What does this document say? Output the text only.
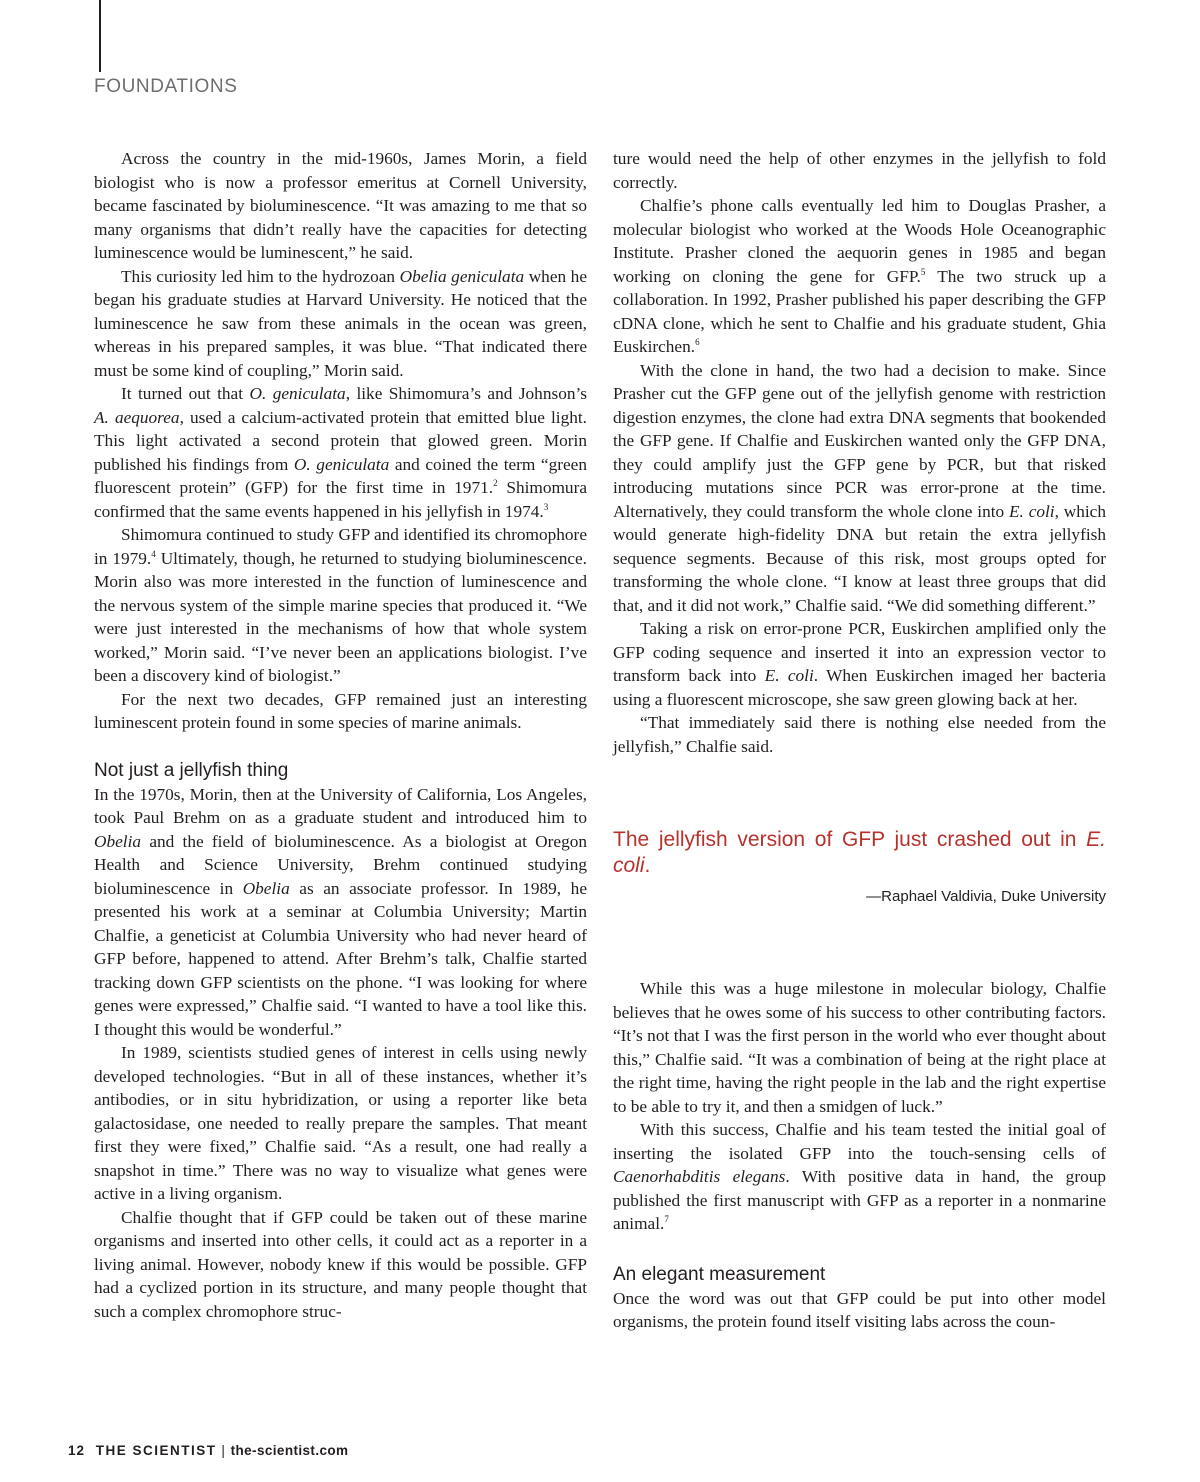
FOUNDATIONS

Across the country in the mid-1960s, James Morin, a field biologist who is now a professor emeritus at Cornell University, became fascinated by bioluminescence. “It was amazing to me that so many organisms that didn’t really have the capacities for detecting luminescence would be luminescent,” he said.

This curiosity led him to the hydrozoan Obelia geniculata when he began his graduate studies at Harvard University. He noticed that the luminescence he saw from these animals in the ocean was green, whereas in his prepared samples, it was blue. “That indicated there must be some kind of coupling,” Morin said.

It turned out that O. geniculata, like Shimomura’s and Johnson’s A. aequorea, used a calcium-activated protein that emitted blue light. This light activated a second protein that glowed green. Morin published his findings from O. geniculata and coined the term “green fluorescent protein” (GFP) for the first time in 1971.$^2$ Shimomura confirmed that the same events happened in his jellyfish in 1974.$^3$

Shimomura continued to study GFP and identified its chromophore in 1979.$^4$ Ultimately, though, he returned to studying bioluminescence. Morin also was more interested in the function of luminescence and the nervous system of the simple marine species that produced it. “We were just interested in the mechanisms of how that whole system worked,” Morin said. “I’ve never been an applications biologist. I’ve been a discovery kind of biologist.”

For the next two decades, GFP remained just an interesting luminescent protein found in some species of marine animals.

Not just a jellyfish thing

In the 1970s, Morin, then at the University of California, Los Angeles, took Paul Brehm on as a graduate student and introduced him to Obelia and the field of bioluminescence. As a biologist at Oregon Health and Science University, Brehm continued studying bioluminescence in Obelia as an associate professor. In 1989, he presented his work at a seminar at Columbia University; Martin Chalfie, a geneticist at Columbia University who had never heard of GFP before, happened to attend. After Brehm’s talk, Chalfie started tracking down GFP scientists on the phone. “I was looking for where genes were expressed,” Chalfie said. “I wanted to have a tool like this. I thought this would be wonderful.”

In 1989, scientists studied genes of interest in cells using newly developed technologies. “But in all of these instances, whether it’s antibodies, or in situ hybridization, or using a reporter like beta galactosidase, one needed to really prepare the samples. That meant first they were fixed,” Chalfie said. “As a result, one had really a snapshot in time.” There was no way to visualize what genes were active in a living organism.

Chalfie thought that if GFP could be taken out of these marine organisms and inserted into other cells, it could act as a reporter in a living animal. However, nobody knew if this would be possible. GFP had a cyclized portion in its structure, and many people thought that such a complex chromophore struc-

ture would need the help of other enzymes in the jellyfish to fold correctly.

Chalfie’s phone calls eventually led him to Douglas Prasher, a molecular biologist who worked at the Woods Hole Oceanographic Institute. Prasher cloned the aequorin genes in 1985 and began working on cloning the gene for GFP.$^5$ The two struck up a collaboration. In 1992, Prasher published his paper describing the GFP cDNA clone, which he sent to Chalfie and his graduate student, Ghia Euskirchen.$^6$

With the clone in hand, the two had a decision to make. Since Prasher cut the GFP gene out of the jellyfish genome with restriction digestion enzymes, the clone had extra DNA segments that bookended the GFP gene. If Chalfie and Euskirchen wanted only the GFP DNA, they could amplify just the GFP gene by PCR, but that risked introducing mutations since PCR was error-prone at the time. Alternatively, they could transform the whole clone into E. coli, which would generate high-fidelity DNA but retain the extra jellyfish sequence segments. Because of this risk, most groups opted for transforming the whole clone. “I know at least three groups that did that, and it did not work,” Chalfie said. “We did something different.”

Taking a risk on error-prone PCR, Euskirchen amplified only the GFP coding sequence and inserted it into an expression vector to transform back into E. coli. When Euskirchen imaged her bacteria using a fluorescent microscope, she saw green glowing back at her.

“That immediately said there is nothing else needed from the jellyfish,” Chalfie said.

The jellyfish version of GFP just crashed out in E. coli.
—Raphael Valdivia, Duke University

While this was a huge milestone in molecular biology, Chalfie believes that he owes some of his success to other contributing factors. “It’s not that I was the first person in the world who ever thought about this,” Chalfie said. “It was a combination of being at the right place at the right time, having the right people in the lab and the right expertise to be able to try it, and then a smidgen of luck.”

With this success, Chalfie and his team tested the initial goal of inserting the isolated GFP into the touch-sensing cells of Caenorhabditis elegans. With positive data in hand, the group published the first manuscript with GFP as a reporter in a nonmarine animal.$^7$

An elegant measurement

Once the word was out that GFP could be put into other model organisms, the protein found itself visiting labs across the coun-

12 THE SCIENTIST | the-scientist.com
